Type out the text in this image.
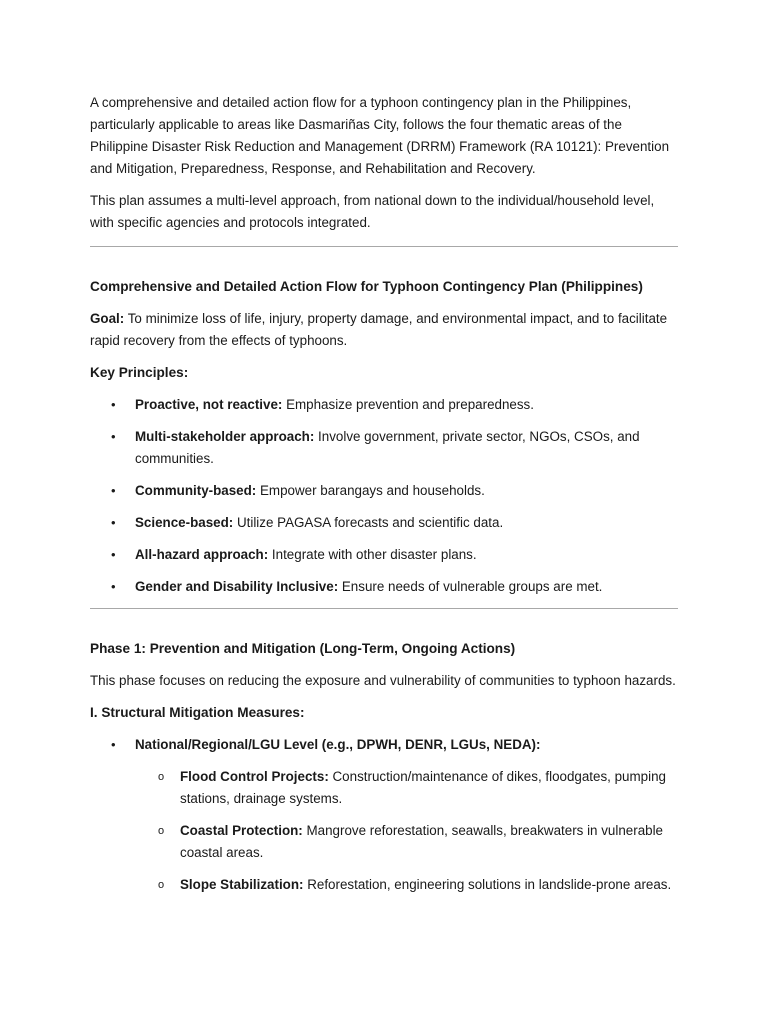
A comprehensive and detailed action flow for a typhoon contingency plan in the Philippines, particularly applicable to areas like Dasmariñas City, follows the four thematic areas of the Philippine Disaster Risk Reduction and Management (DRRM) Framework (RA 10121): Prevention and Mitigation, Preparedness, Response, and Rehabilitation and Recovery.

This plan assumes a multi-level approach, from national down to the individual/household level, with specific agencies and protocols integrated.

Comprehensive and Detailed Action Flow for Typhoon Contingency Plan (Philippines)

Goal: To minimize loss of life, injury, property damage, and environmental impact, and to facilitate rapid recovery from the effects of typhoons.

Key Principles:
• Proactive, not reactive: Emphasize prevention and preparedness.
• Multi-stakeholder approach: Involve government, private sector, NGOs, CSOs, and communities.
• Community-based: Empower barangays and households.
• Science-based: Utilize PAGASA forecasts and scientific data.
• All-hazard approach: Integrate with other disaster plans.
• Gender and Disability Inclusive: Ensure needs of vulnerable groups are met.
Phase 1: Prevention and Mitigation (Long-Term, Ongoing Actions)

This phase focuses on reducing the exposure and vulnerability of communities to typhoon hazards.

I. Structural Mitigation Measures:
• National/Regional/LGU Level (e.g., DPWH, DENR, LGUs, NEDA):
o Flood Control Projects: Construction/maintenance of dikes, floodgates, pumping stations, drainage systems.
o Coastal Protection: Mangrove reforestation, seawalls, breakwaters in vulnerable coastal areas.
o Slope Stabilization: Reforestation, engineering solutions in landslide-prone areas.
